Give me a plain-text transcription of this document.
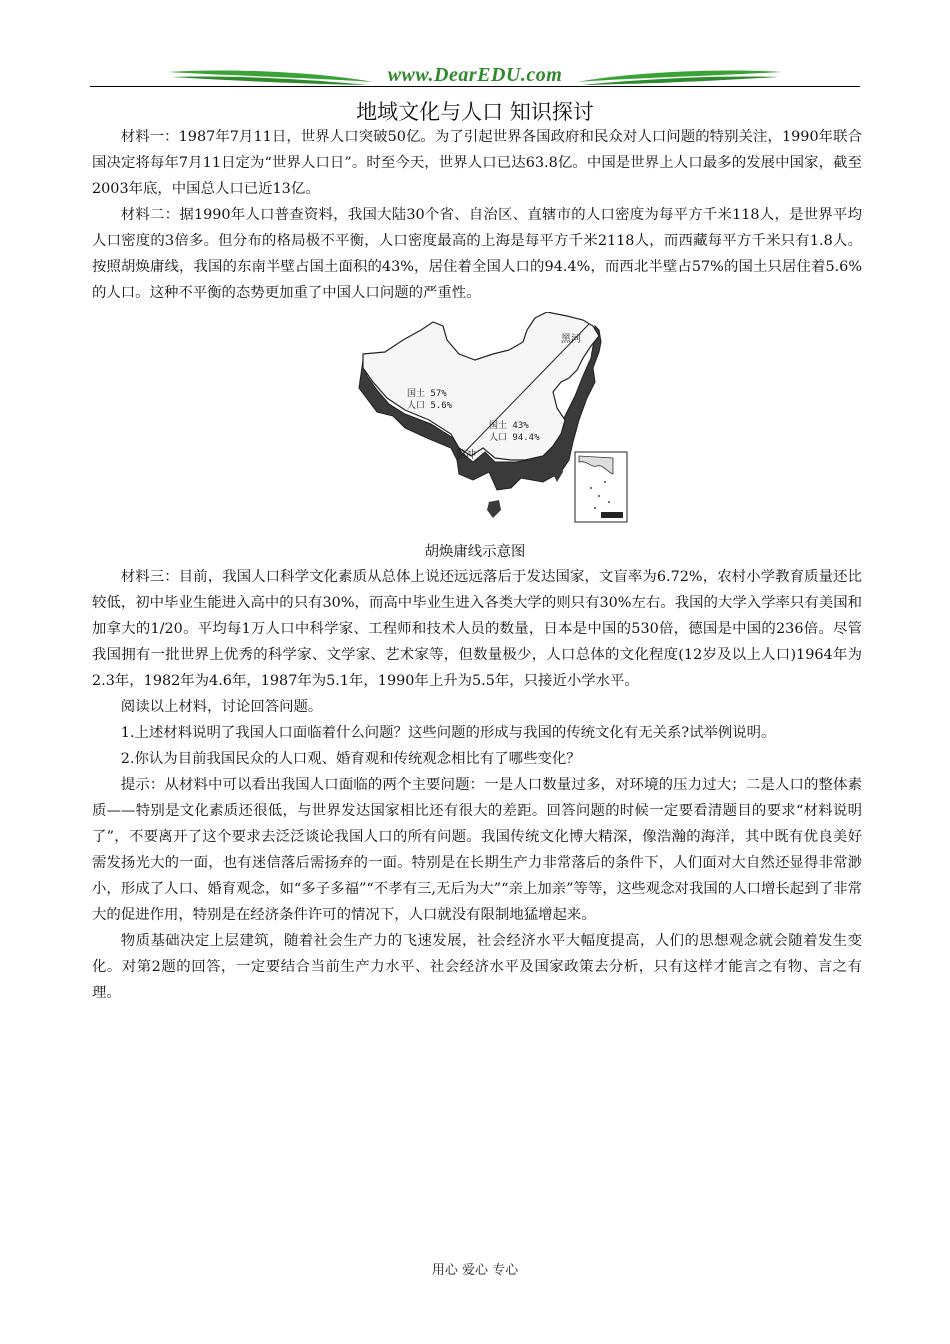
www.DearEDU.com
地域文化与人口 知识探讨

材料一：1987年7月11日，世界人口突破50亿。为了引起世界各国政府和民众对人口问题的特别关注，1990年联合国决定将每年7月11日定为“世界人口日”。时至今天，世界人口已达63.8亿。中国是世界上人口最多的发展中国家，截至2003年底，中国总人口已近13亿。

材料二：据1990年人口普查资料，我国大陆30个省、自治区、直辖市的人口密度为每平方千米118人，是世界平均人口密度的3倍多。但分布的格局极不平衡，人口密度最高的上海是每平方千米2118人，而西藏每平方千米只有1.8人。按照胡焕庸线，我国的东南半壁占国土面积的43%，居住着全国人口的94.4%，而西北半壁占57%的国土只居住着5.6%的人口。这种不平衡的态势更加重了中国人口问题的严重性。

黑河
腾冲
国土 57%
人口 5.6%
国土 43%
人口 94.4%
胡焕庸线示意图

材料三：目前，我国人口科学文化素质从总体上说还远远落后于发达国家，文盲率为6.72%，农村小学教育质量还比较低，初中毕业生能进入高中的只有30%，而高中毕业生进入各类大学的则只有30%左右。我国的大学入学率只有美国和加拿大的1/20。平均每1万人口中科学家、工程师和技术人员的数量，日本是中国的530倍，德国是中国的236倍。尽管我国拥有一批世界上优秀的科学家、文学家、艺术家等，但数量极少，人口总体的文化程度(12岁及以上人口)1964年为2.3年，1982年为4.6年，1987年为5.1年，1990年上升为5.5年，只接近小学水平。

阅读以上材料，讨论回答问题。

1.上述材料说明了我国人口面临着什么问题？这些问题的形成与我国的传统文化有无关系?试举例说明。

2.你认为目前我国民众的人口观、婚育观和传统观念相比有了哪些变化？

提示：从材料中可以看出我国人口面临的两个主要问题：一是人口数量过多，对环境的压力过大；二是人口的整体素质——特别是文化素质还很低，与世界发达国家相比还有很大的差距。回答问题的时候一定要看清题目的要求“材料说明了”，不要离开了这个要求去泛泛谈论我国人口的所有问题。我国传统文化博大精深，像浩瀚的海洋，其中既有优良美好需发扬光大的一面，也有迷信落后需扬弃的一面。特别是在长期生产力非常落后的条件下，人们面对大自然还显得非常渺小，形成了人口、婚育观念，如“多子多福”“不孝有三,无后为大”“亲上加亲”等等，这些观念对我国的人口增长起到了非常大的促进作用，特别是在经济条件许可的情况下，人口就没有限制地猛增起来。

物质基础决定上层建筑，随着社会生产力的飞速发展，社会经济水平大幅度提高，人们的思想观念就会随着发生变化。对第2题的回答，一定要结合当前生产力水平、社会经济水平及国家政策去分析，只有这样才能言之有物、言之有理。

用心 爱心 专心
